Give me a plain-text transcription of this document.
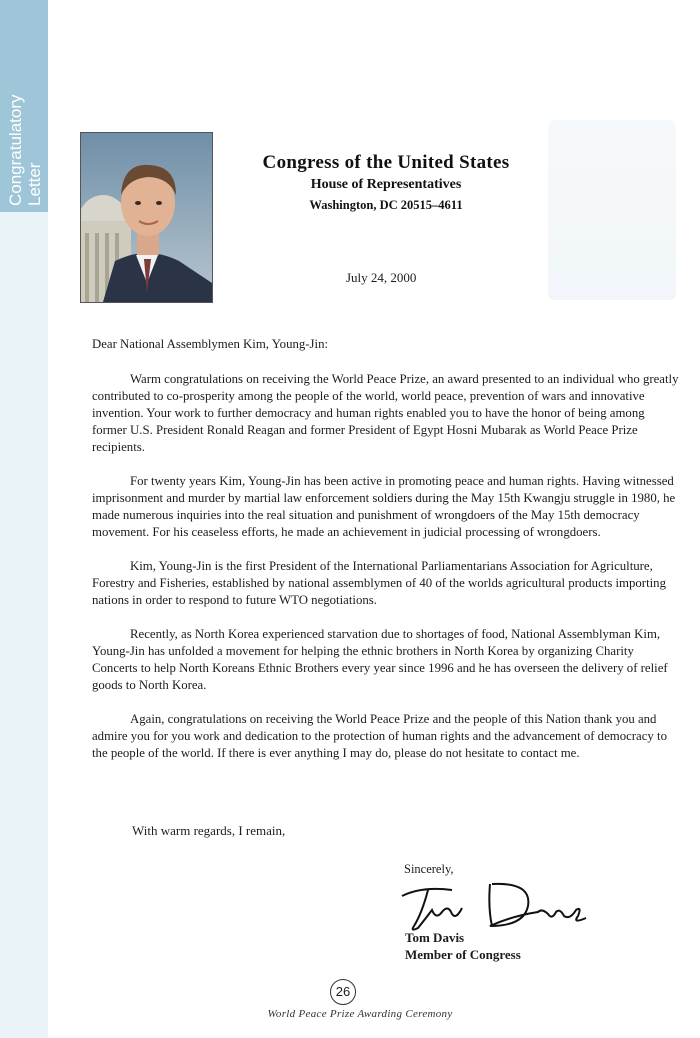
Congratulatory Letter
Congress of the United States
House of Representatives
Washington, DC 20515–4611
July 24, 2000

Dear National Assemblymen Kim, Young-Jin:

Warm congratulations on receiving the World Peace Prize, an award presented to an individual who greatly contributed to co-prosperity among the people of the world, world peace, prevention of wars and innovative invention. Your work to further democracy and human rights enabled you to have the honor of being among former U.S. President Ronald Reagan and former President of Egypt Hosni Mubarak as World Peace Prize recipients.

For twenty years Kim, Young-Jin has been active in promoting peace and human rights. Having witnessed imprisonment and murder by martial law enforcement soldiers during the May 15th Kwangju struggle in 1980, he made numerous inquiries into the real situation and punishment of wrongdoers of the May 15th democracy movement. For his ceaseless efforts, he made an achievement in judicial processing of wrongdoers.

Kim, Young-Jin is the first President of the International Parliamentarians Association for Agriculture, Forestry and Fisheries, established by national assemblymen of 40 of the worlds agricultural products importing nations in order to respond to future WTO negotiations.

Recently, as North Korea experienced starvation due to shortages of food, National Assemblyman Kim, Young-Jin has unfolded a movement for helping the ethnic brothers in North Korea by organizing Charity Concerts to help North Koreans Ethnic Brothers every year since 1996 and he has overseen the delivery of relief goods to North Korea.

Again, congratulations on receiving the World Peace Prize and the people of this Nation thank you and admire you for you work and dedication to the protection of human rights and the advancement of democracy to the people of the world. If there is ever anything I may do, please do not hesitate to contact me.

With warm regards, I remain,
Sincerely,
Tom Davis
Member of Congress
26
World Peace Prize Awarding Ceremony
